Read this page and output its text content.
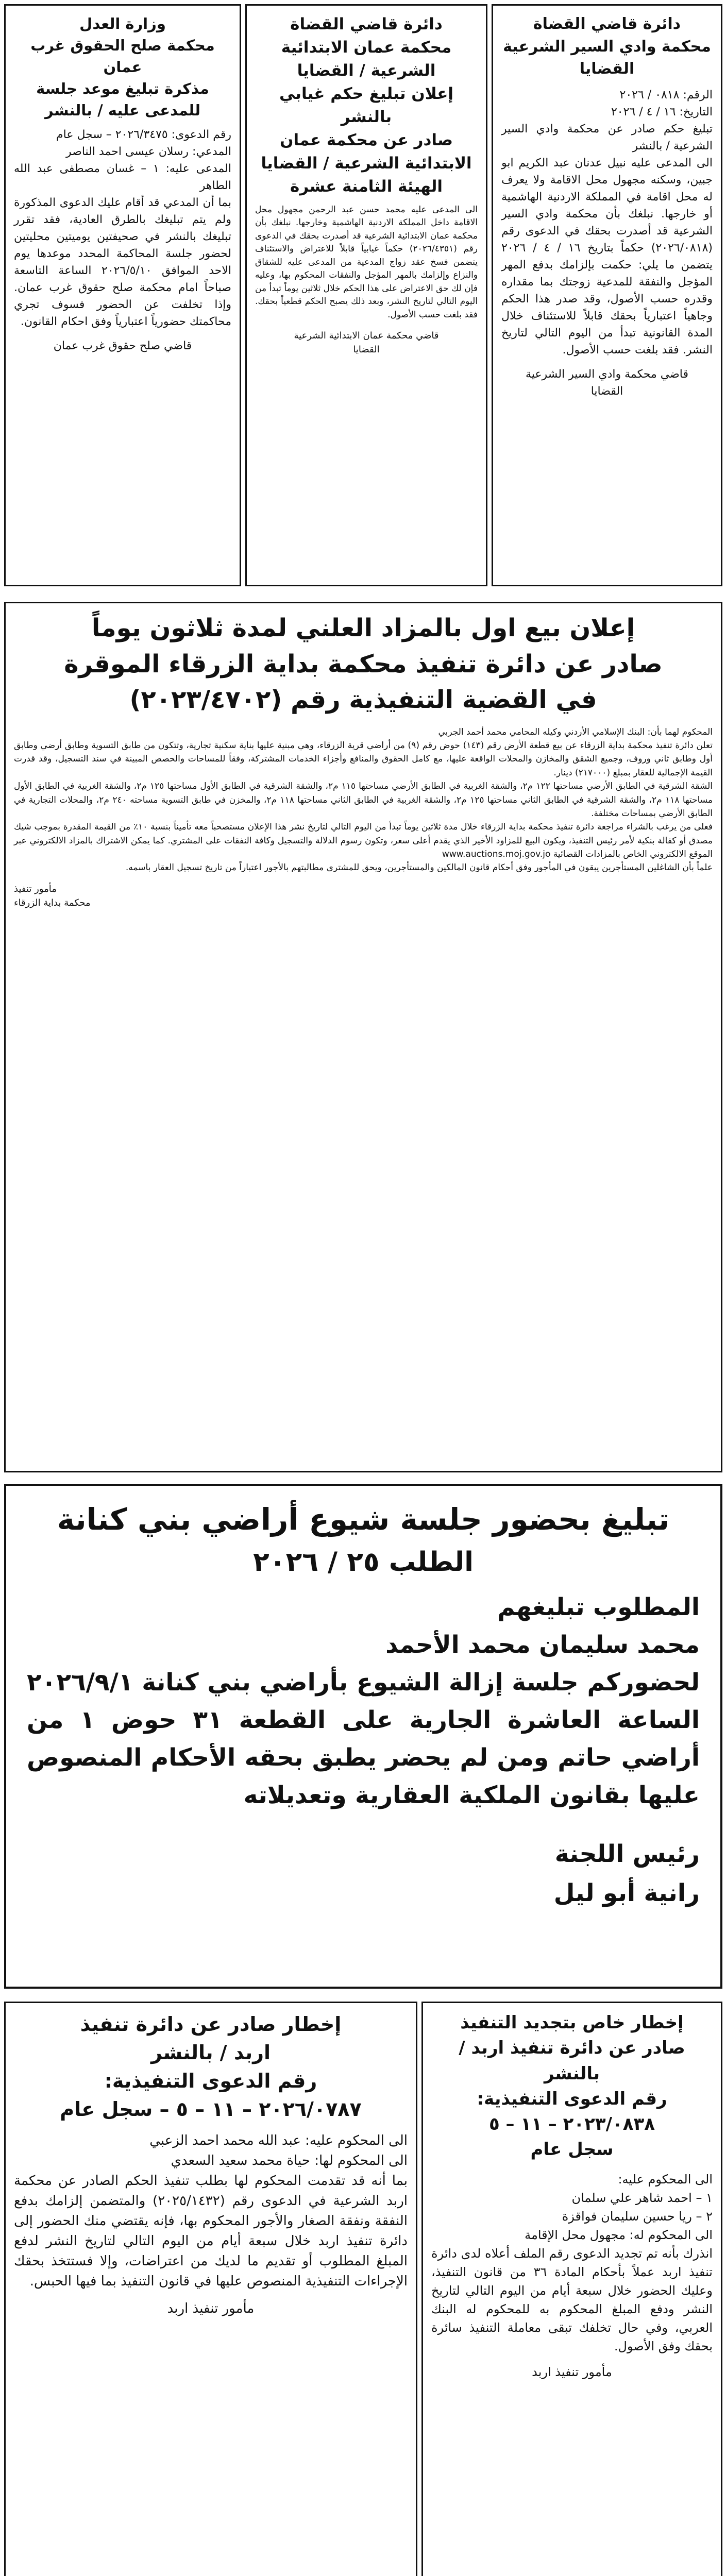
دائرة قاضي القضاة
محكمة وادي السير الشرعية
القضايا
الرقم: ٠٨١٨ / ٢٠٢٦
التاريخ: ١٦ / ٤ / ٢٠٢٦
تبليغ حكم صادر عن محكمة وادي السير الشرعية / بالنشر
الى المدعى عليه نبيل عدنان عبد الكريم ابو جبين، وسكنه مجهول محل الاقامة ولا يعرف له محل اقامة في المملكة الاردنية الهاشمية أو خارجها. نبلغك بأن محكمة وادي السير الشرعية قد أصدرت بحقك في الدعوى رقم (٢٠٢٦/٠٨١٨) حكماً بتاريخ ١٦ / ٤ / ٢٠٢٦ يتضمن ما يلي: حكمت بإلزامك بدفع المهر المؤجل والنفقة للمدعية زوجتك بما مقداره وقدره حسب الأصول، وقد صدر هذا الحكم وجاهياً اعتبارياً بحقك قابلاً للاستئناف خلال المدة القانونية تبدأ من اليوم التالي لتاريخ النشر. فقد بلغت حسب الأصول.
قاضي محكمة وادي السير الشرعية
القضايا
دائرة قاضي القضاة
محكمة عمان الابتدائية الشرعية / القضايا
إعلان تبليغ حكم غيابي بالنشر
صادر عن محكمة عمان الابتدائية الشرعية / القضايا
الهيئة الثامنة عشرة
الى المدعى عليه محمد حسن عبد الرحمن مجهول محل الاقامة داخل المملكة الاردنية الهاشمية وخارجها. نبلغك بأن محكمة عمان الابتدائية الشرعية قد أصدرت بحقك في الدعوى رقم (٢٠٢٦/٤٣٥١) حكماً غيابياً قابلاً للاعتراض والاستئناف يتضمن فسخ عقد زواج المدعية من المدعى عليه للشقاق والنزاع وإلزامك بالمهر المؤجل والنفقات المحكوم بها، وعليه فإن لك حق الاعتراض على هذا الحكم خلال ثلاثين يوماً تبدأ من اليوم التالي لتاريخ النشر، وبعد ذلك يصبح الحكم قطعياً بحقك. فقد بلغت حسب الأصول.
قاضي محكمة عمان الابتدائية الشرعية
القضايا
وزارة العدل
محكمة صلح الحقوق غرب عمان
مذكرة تبليغ موعد جلسة للمدعى عليه / بالنشر
رقم الدعوى: ٢٠٢٦/٣٤٧٥ – سجل عام
المدعي: رسلان عيسى احمد الناصر
المدعى عليه: ١ – غسان مصطفى عبد الله الطاهر
بما أن المدعي قد أقام عليك الدعوى المذكورة ولم يتم تبليغك بالطرق العادية، فقد تقرر تبليغك بالنشر في صحيفتين يوميتين محليتين لحضور جلسة المحاكمة المحدد موعدها يوم الاحد الموافق ٢٠٢٦/٥/١٠ الساعة التاسعة صباحاً امام محكمة صلح حقوق غرب عمان. وإذا تخلفت عن الحضور فسوف تجري محاكمتك حضورياً اعتبارياً وفق احكام القانون.
قاضي صلح حقوق غرب عمان
إعلان بيع اول بالمزاد العلني لمدة ثلاثون يوماً
صادر عن دائرة تنفيذ محكمة بداية الزرقاء الموقرة
في القضية التنفيذية رقم (٢٠٢٣/٤٧٠٢)
المحكوم لهما بأن: البنك الإسلامي الأردني وكيله المحامي محمد أحمد الجربي
تعلن دائرة تنفيذ محكمة بداية الزرقاء عن بيع قطعة الأرض رقم (١٤٣) حوض رقم (٩) من أراضي قرية الزرقاء، وهي مبنية عليها بناية سكنية تجارية، وتتكون من طابق التسوية وطابق أرضي وطابق أول وطابق ثاني وروف، وجميع الشقق والمخازن والمحلات الواقعة عليها، مع كامل الحقوق والمنافع وأجزاء الخدمات المشتركة، وفقاً للمساحات والحصص المبينة في سند التسجيل، وقد قدرت القيمة الإجمالية للعقار بمبلغ (٢١٧٠٠٠) دينار.
الشقة الشرقية في الطابق الأرضي مساحتها ١٢٢ م٢، والشقة الغربية في الطابق الأرضي مساحتها ١١٥ م٢، والشقة الشرقية في الطابق الأول مساحتها ١٢٥ م٢، والشقة الغربية في الطابق الأول مساحتها ١١٨ م٢، والشقة الشرقية في الطابق الثاني مساحتها ١٢٥ م٢، والشقة الغربية في الطابق الثاني مساحتها ١١٨ م٢، والمخزن في طابق التسوية مساحته ٢٤٠ م٢، والمحلات التجارية في الطابق الأرضي بمساحات مختلفة.
فعلى من يرغب بالشراء مراجعة دائرة تنفيذ محكمة بداية الزرقاء خلال مدة ثلاثين يوماً تبدأ من اليوم التالي لتاريخ نشر هذا الإعلان مستصحباً معه تأميناً بنسبة ١٠٪ من القيمة المقدرة بموجب شيك مصدق أو كفالة بنكية لأمر رئيس التنفيذ، ويكون البيع للمزاود الأخير الذي يقدم أعلى سعر، وتكون رسوم الدلالة والتسجيل وكافة النفقات على المشتري. كما يمكن الاشتراك بالمزاد الالكتروني عبر الموقع الالكتروني الخاص بالمزادات القضائية www.auctions.moj.gov.jo
علماً بأن الشاغلين المستأجرين يبقون في المأجور وفق أحكام قانون المالكين والمستأجرين، ويحق للمشتري مطالبتهم بالأجور اعتباراً من تاريخ تسجيل العقار باسمه.
مأمور تنفيذ
محكمة بداية الزرقاء
تبليغ بحضور جلسة شيوع أراضي بني كنانة
الطلب ٢٥ / ٢٠٢٦
المطلوب تبليغهم
محمد سليمان محمد الأحمد
لحضوركم جلسة إزالة الشيوع بأراضي بني كنانة ٢٠٢٦/٩/١ الساعة العاشرة الجارية على القطعة ٣١ حوض ١ من أراضي حاتم ومن لم يحضر يطبق بحقه الأحكام المنصوص عليها بقانون الملكية العقارية وتعديلاته
رئيس اللجنة
رانية أبو ليل
إخطار خاص بتجديد التنفيذ
صادر عن دائرة تنفيذ اربد / بالنشر
رقم الدعوى التنفيذية:
٢٠٢٣/٠٨٣٨ – ١١ – ٥
سجل عام
الى المحكوم عليه:
١ – احمد شاهر علي سلمان
٢ – ريا حسين سليمان فواقزة
الى المحكوم له: مجهول محل الإقامة
انذرك بأنه تم تجديد الدعوى رقم الملف أعلاه لدى دائرة تنفيذ اربد عملاً بأحكام المادة ٣٦ من قانون التنفيذ، وعليك الحضور خلال سبعة أيام من اليوم التالي لتاريخ النشر ودفع المبلغ المحكوم به للمحكوم له البنك العربي، وفي حال تخلفك تبقى معاملة التنفيذ سائرة بحقك وفق الأصول.
مأمور تنفيذ اربد
إخطار صادر عن دائرة تنفيذ
اربد / بالنشر
رقم الدعوى التنفيذية:
٢٠٢٦/٠٧٨٧ – ١١ – ٥ – سجل عام
الى المحكوم عليه: عبد الله محمد احمد الزعبي
الى المحكوم لها: حياة محمد سعيد السعدي
بما أنه قد تقدمت المحكوم لها بطلب تنفيذ الحكم الصادر عن محكمة اربد الشرعية في الدعوى رقم (٢٠٢٥/١٤٣٢) والمتضمن إلزامك بدفع النفقة ونفقة الصغار والأجور المحكوم بها، فإنه يقتضي منك الحضور إلى دائرة تنفيذ اربد خلال سبعة أيام من اليوم التالي لتاريخ النشر لدفع المبلغ المطلوب أو تقديم ما لديك من اعتراضات، وإلا فستتخذ بحقك الإجراءات التنفيذية المنصوص عليها في قانون التنفيذ بما فيها الحبس.
مأمور تنفيذ اربد
